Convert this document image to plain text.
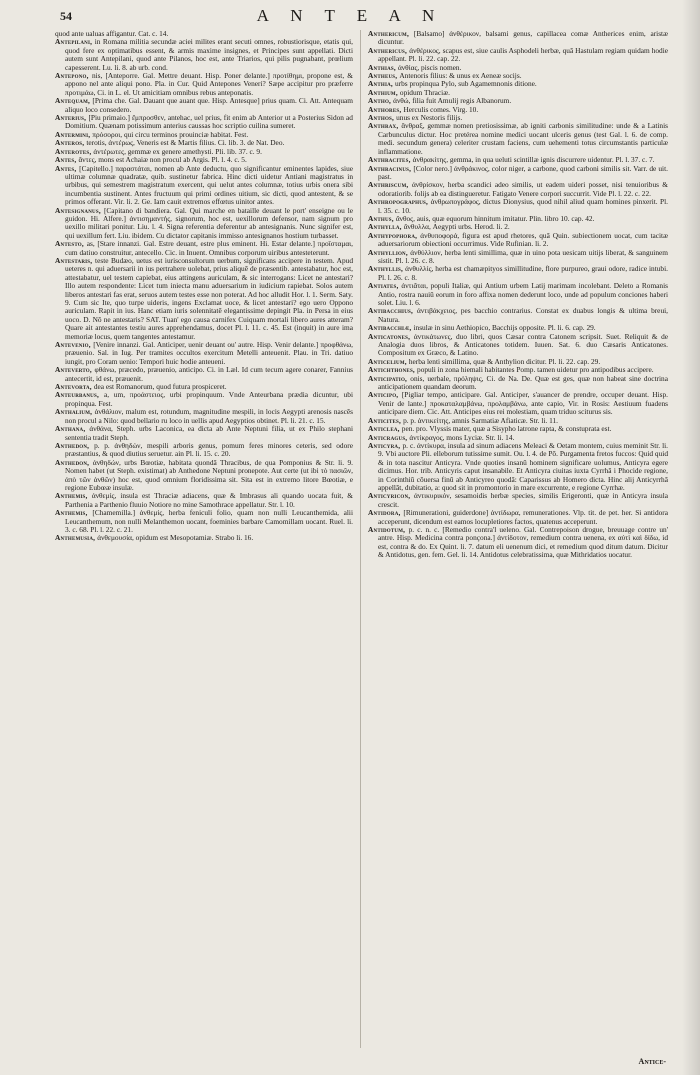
54	A N T E A N

quod ante ualuas affigantur. Cat. c. 14.

Antepilani, in Romana militia secundæ aciei milites erant secuti omnes, robustiorisque, etatis qui, quod fere ex optimatibus essent, & armis maxime insignes, et Principes sunt appellati. Dicti autem sunt Antepilani, quod ante Pilanos, hoc est, ante Triarios, qui pilis pugnabant, prœlium capesserent. Lu. li. 8. ab urb. cond.

Antepono, nis, [Anteporre. Gal. Mettre deuant. Hisp. Poner delante.] προτίθημι, propone est, & appono nel ante aliqui pono. Pla. in Cur. Quid Antepones Veneri? Sæpe accipitur pro præferre προτιμάω, Ci. in L. el. Ut amicitiam omnibus rebus anteponatis.

Antequam, [Prima che. Gal. Dauant que auant que. Hisp. Antesque] prius quam. Ci. Att. Antequam aliquo loco consedero.

Anterius, [Piu primaio.] ἔμπροσθεν, antehac, uel prius, fit enim ab Anterior ut a Posterius Sidon ad Domitium. Quænam potissimum anterius caussas hoc scriptio cuilina sumeret.

Antermini, πρόσοροι, qui circu terminos prouinciæ habitat. Fest.

Anteros, terotis, ἀντέρως, Veneris est & Martis filius. Ci. lib. 3. de Nat. Deo.

Anterotes, ἀντέρωτες, gemmæ ex genere amethysti. Pli. lib. 37. c. 9.

Antes, ἄντες, mons est Achaiæ non procul ab Argis. Pl. l. 4. c. 5.

Antes, [Capitello.] παραστάται, nomen ab Ante deductu, quo significantur eminentes lapides, siue ultimæ columnæ quadratæ, quib. sustinetur fabrica. Hinc dicti uidetur Antiani magistratus in urbibus, qui semestrem magistratum exercent, qui uelut antes columnæ, totius urbis onera sibi incumbentia sustinent. Antes fructuum qui primi ordines uitium, sic dicti, quod antestent, & se primos offerant. Vir. li. 2. Ge. Iam cauit extremos effœtus uinitor antes.

Antesignanus, [Capitano di bandiera. Gal. Qui marche en bataille deuant le port' enseigne ou le guidon. Hi. Alfere.] ἀντισημαντής, signorum, hoc est, uexillorum defensor, nam signum pro uexillo militari ponitur. Liu. l. 4. Signa referentia deferentur ab antesignanis. Nunc signifer est, qui uexillum fert. Liu. ibidem. Cu dictator capitanis immisso antesignanos hostium turbasset.

Antesto, as, [Stare innanzi. Gal. Estre deuant, estre plus eminent. Hi. Estar delante.] προΐσταμαι, cum datiuo construitur, antecello. Cic. in Inuent. Omnibus corporum uiribus antesteterunt.

Antestaris, teste Budæo, uetus est iurisconsultorum uerbum, significans accipere in testem. Apud ueteres n. qui aduersarii in ius pertrahere uolebat, prius aliquē de præsentib. antestabatur, hoc est, attestabatur, uel testem capiebat, eius attingens auriculam, & sic interrogans: Licet ne antestari? Illo autem respondente: Licet tum iniecta manu aduersarium in iudicium rapiebat. Solos autem liberos antestari fas erat, seruos autem testes esse non poterat. Ad hoc alludit Hor. l. 1. Serm. Saty. 9. Cum sic Ite, quo turpe uideris, ingens Exclamat uoce, & licet antestari? ego uero Oppono auriculam. Rapit in ius. Hanc etiam iuris solennitatē elegantissime depingit Pla. in Persa in eius uoco. D. Nō ne antestaris? SAT. Tuan' ego causa carnifex Cuiquam mortali libero aures atteram? Quare ait antestantes testiu aures apprehendamus, docet Pl. l. 11. c. 45. Est (inquit) in aure ima memoriæ locus, quem tangentes antestamur.

Antevenio, [Venire innanzi. Gal. Anticiper, uenir deuant ou' autre. Hisp. Venir delante.] προφθάνω, præuenio. Sal. in Iug. Per tramites occultos exercitum Metelli anteuenit. Plau. in Tri. datiuo iungit, pro Coram uenio: Tempori huic hodie anteueni.

Anteverto, φθάνω, præcedo, præuenio, anticipo. Ci. in Læl. Id cum tecum agere conarer, Fannius antecertit, id est, præuenit.

Antevorta, dea est Romanorum, quod futura prospiceret.

Anteurbanus, a, um, προάστειος, urbi propinquum. Vnde Anteurbana prædia dicuntur, ubi propinqua. Fest.

Anthalium, ἀνθάλιον, malum est, rotundum, magnitudine mespili, in locis Aegypti arenosis nascēs non procul a Nilo: quod bellario ru loco in uellis apud Aegyptios obtinet. Pl. li. 21. c. 15.

Anthana, ἀνθάνα, Steph. urbs Laconica, ea dicta ab Ante Neptuni filia, ut ex Philo stephani sententia tradit Steph.

Anthedon, p. p. ἀνθηδών, mespili arboris genus, pomum feres minores ceteris, sed odore præstantius, & quod diutius seruetur. ain Pl. li. 15. c. 20.

Anthedon, ἀνθηδών, urbs Bœotiæ, habitata quondā Thracibus, de qua Pomponius & Str. li. 9. Nomen habet (ut Steph. existimat) ab Anthedone Neptuni pronepote. Aut certe (ut ibi τὸ πασιῶν, ἀπὸ τῶν ἀνθῶν) hoc est, quod omnium floridissima sit. Sita est in extremo litore Bœotiæ, e regione Eubœæ insulæ.

Anthemis, ἀνθεμίς, insula est Thraciæ adiacens, quæ & Imbrasus ali quando uocata fuit, & Parthenia a Parthenio fluuio Notiore no mine Samothrace appellatur. Str. l. 10.

Anthemis, [Chamemilla.] ἀνθεμίς, herba feniculi folio, quam non nulli Leucanthemida, alii Leucanthemum, non nulli Melanthemon uocant, foeminies barbare Camomillam uocant. Ruel. li. 3. c. 68. Pl. l. 22. c. 21.

Anthemusia, ἀνθεμουσία, opidum est Mesopotamiæ. Strabo li. 16.

Anthericum, [Balsamo] ἀνθέρικον, balsami genus, capillacea comæ Antherices enim, aristæ dicuntur.

Anthericus, ἀνθέρικος, scapus est, siue caulis Asphodeli herbæ, quā Hastulam regiam quidam hodie appellant. Pl. li. 22. cap. 22.

Anthias, ἀνθίας, piscis nomen.

Antheus, Antenoris filius: & unus ex Aeneæ socijs.

Anthia, urbs propinqua Pylo, sub Agamemnonis ditione.

Anthium, opidum Thraciæ.

Antho, ἀνθώ, filia fuit Amulij regis Albanorum.

Anthores, Herculis comes. Virg. 10.

Anthos, unus ex Nestoris filijs.

Anthrax, ἄνθραξ, gemmæ nomen pretiosissimæ, ab igniti carbonis similitudine: unde & a Latinis Carbunculus dictur. Hoc pretérea nomine medici uocant ulceris genus (test Gal. l. 6. de comp. medi. secundum genera) celeriter crustam faciens, cum uehementi totus circumstantis particulæ inflammatione.

Anthracites, ἀνθρακίτης, gemma, in qua ueluti scintillæ ignis discurrere uidentur. Pl. l. 37. c. 7.

Anthracinus, [Color nero.] ἀνθράκινος, color niger, a carbone, quod carboni similis sit. Varr. de uit. past.

Anthriscum, ἀνθρίσκον, herba scandici adeo similis, ut eadem uideri posset, nisi tenuioribus & odoratiorib. folijs ab ea distingueretur. Fatigato Venere corpori succurrit. Vide Pl. l. 22. c. 22.

Anthropographus, ἀνθρωπογράφος, dictus Dionysius, quod nihil aliud quam homines pinxerit. Pl. l. 35. c. 10.

Anthus, ἄνθος, auis, quæ equorum hinnitum imitatur. Plin. libro 10. cap. 42.

Anthylla, ἄνθυλλα, Aegypti urbs. Herod. li. 2.

Anthypophora, ἀνθυποφορά, figura est apud rhetores, quā Quin. subiectionem uocat, cum tacitæ aduersariorum obiectioni occurrimus. Vide Rufinian. li. 2.

Anthyllion, ἀνθύλλιον, herba lenti simillima, quæ in uino pota uesicam uitijs liberat, & sanguinem sistit. Pl. l. 26. c. 8.

Anthyllis, ἀνθυλλίς, herba est chamæpityos simillitudine, flore purpureo, graui odore, radice intubi. Pl. l. 26. c. 8.

Antiates, ἀντιᾶται, populi Italiæ, qui Antium urbem Latij marimam incolebant. Deleto a Romanis Antio, rostra nauiū eorum in foro affixa nomen dederunt loco, unde ad populum conciones haberi solet. Liu. l. 6.

Antibacchius, ἀντιβάκχειος, pes bacchio contrarius. Constat ex duabus longis & ultima breui, Natura.

Antibacchiæ, insulæ in sinu Aethiopico, Bacchijs opposite. Pl. li. 6. cap. 29.

Anticatones, ἀντικάτωνες, duo libri, quos Cæsar contra Catonem scripsit. Suet. Reliquit & de Analogia duos libros, & Anticatones totidem. Iuuen. Sat. 6. duo Cæsaris Anticatones. Compositum ex Græco, & Latino.

Anticelium, herba lenti simillima, quæ & Anthylion dicitur. Pl. li. 22. cap. 29.

Antichthones, populi in zona hiemali habitantes Pomp. tamen uidetur pro antipodibus accipere.

Anticipatio, onis, uerbale, πρόληψις, Ci. de Na. De. Quæ est ges, quæ non habeat sine doctrina anticipationem quandam deorum.

Anticipo, [Pigliar tempo, anticipare. Gal. Anticiper, s'auancer de prendre, occuper deuant. Hisp. Venir de lante.] προκαταλαμβάνω, προλαμβάνω, ante capio, Vir. in Rosis: Aestiuum fuadens anticipare diem. Cic. Att. Anticipes eius rei molestiam, quam triduo sciturus sis.

Anticites, p. p. ἀντικείτης, amnis Sarmatiæ Afiaticæ. Str. li. 11.

Anticlea, pen. pro. Vlyssis mater, quæ a Sisypho latrone rapta, & constuprata est.

Anticragus, ἀντίκραγος, mons Lyciæ. Str. li. 14.

Anticyra, p. c. ἀντίκυρα, insula ad sinum adiacens Meleaci & Oetam montem, cuius meminit Str. li. 9. Vbi auctore Pli. elleborum tutissime sumit. Ou. l. 4. de Pō. Purgamenta fretos fuccos: Quid quid & in tota nascitur Anticyra. Vnde quoties insanū hominem significare uolumus, Anticyra egere dicimus. Hor. trib. Anticyris caput insanabile. Et Anticyra ciuitas iuxta Cyrrhā i Phocide regione, in Corinthiū cōuersa finū ab Anticyreo quodā: Caparissus ab Homero dicta. Hinc alij Anticyrrhā appellāt, dubitatio, a: quod sit in promontorio in mare excurrente, e regione Cyrrhæ.

Anticyricon, ἀντικυρικόν, sesamoidis herbæ species, similis Erigeronti, quæ in Anticyra insula crescit.

Antidora, [Rimunerationi, guiderdone] ἀντίδωρα, remunerationes. Vlp. tit. de pet. her. Si antidora acceperunt, dicendum est eamos locupletiores factos, quatenus acceperunt.

Antidotum, p. c. n. c. [Remedio contra'l ueleno. Gal. Contrepoison drogue, breuuage contre un' antre. Hisp. Medicina contra ponçona.] ἀντίδοτον, remedium contra uenena, ex αὐτὶ καὶ δίδω, id est, contra & do. Ex Quint. li. 7. datum eli uenenum dici, et remedium quod ditum datum. Dicitur & Antidotus, gen. fem. Gel. li. 14. Antidotus celebratissima, quæ Mithridatios uocatur.

Antice-
